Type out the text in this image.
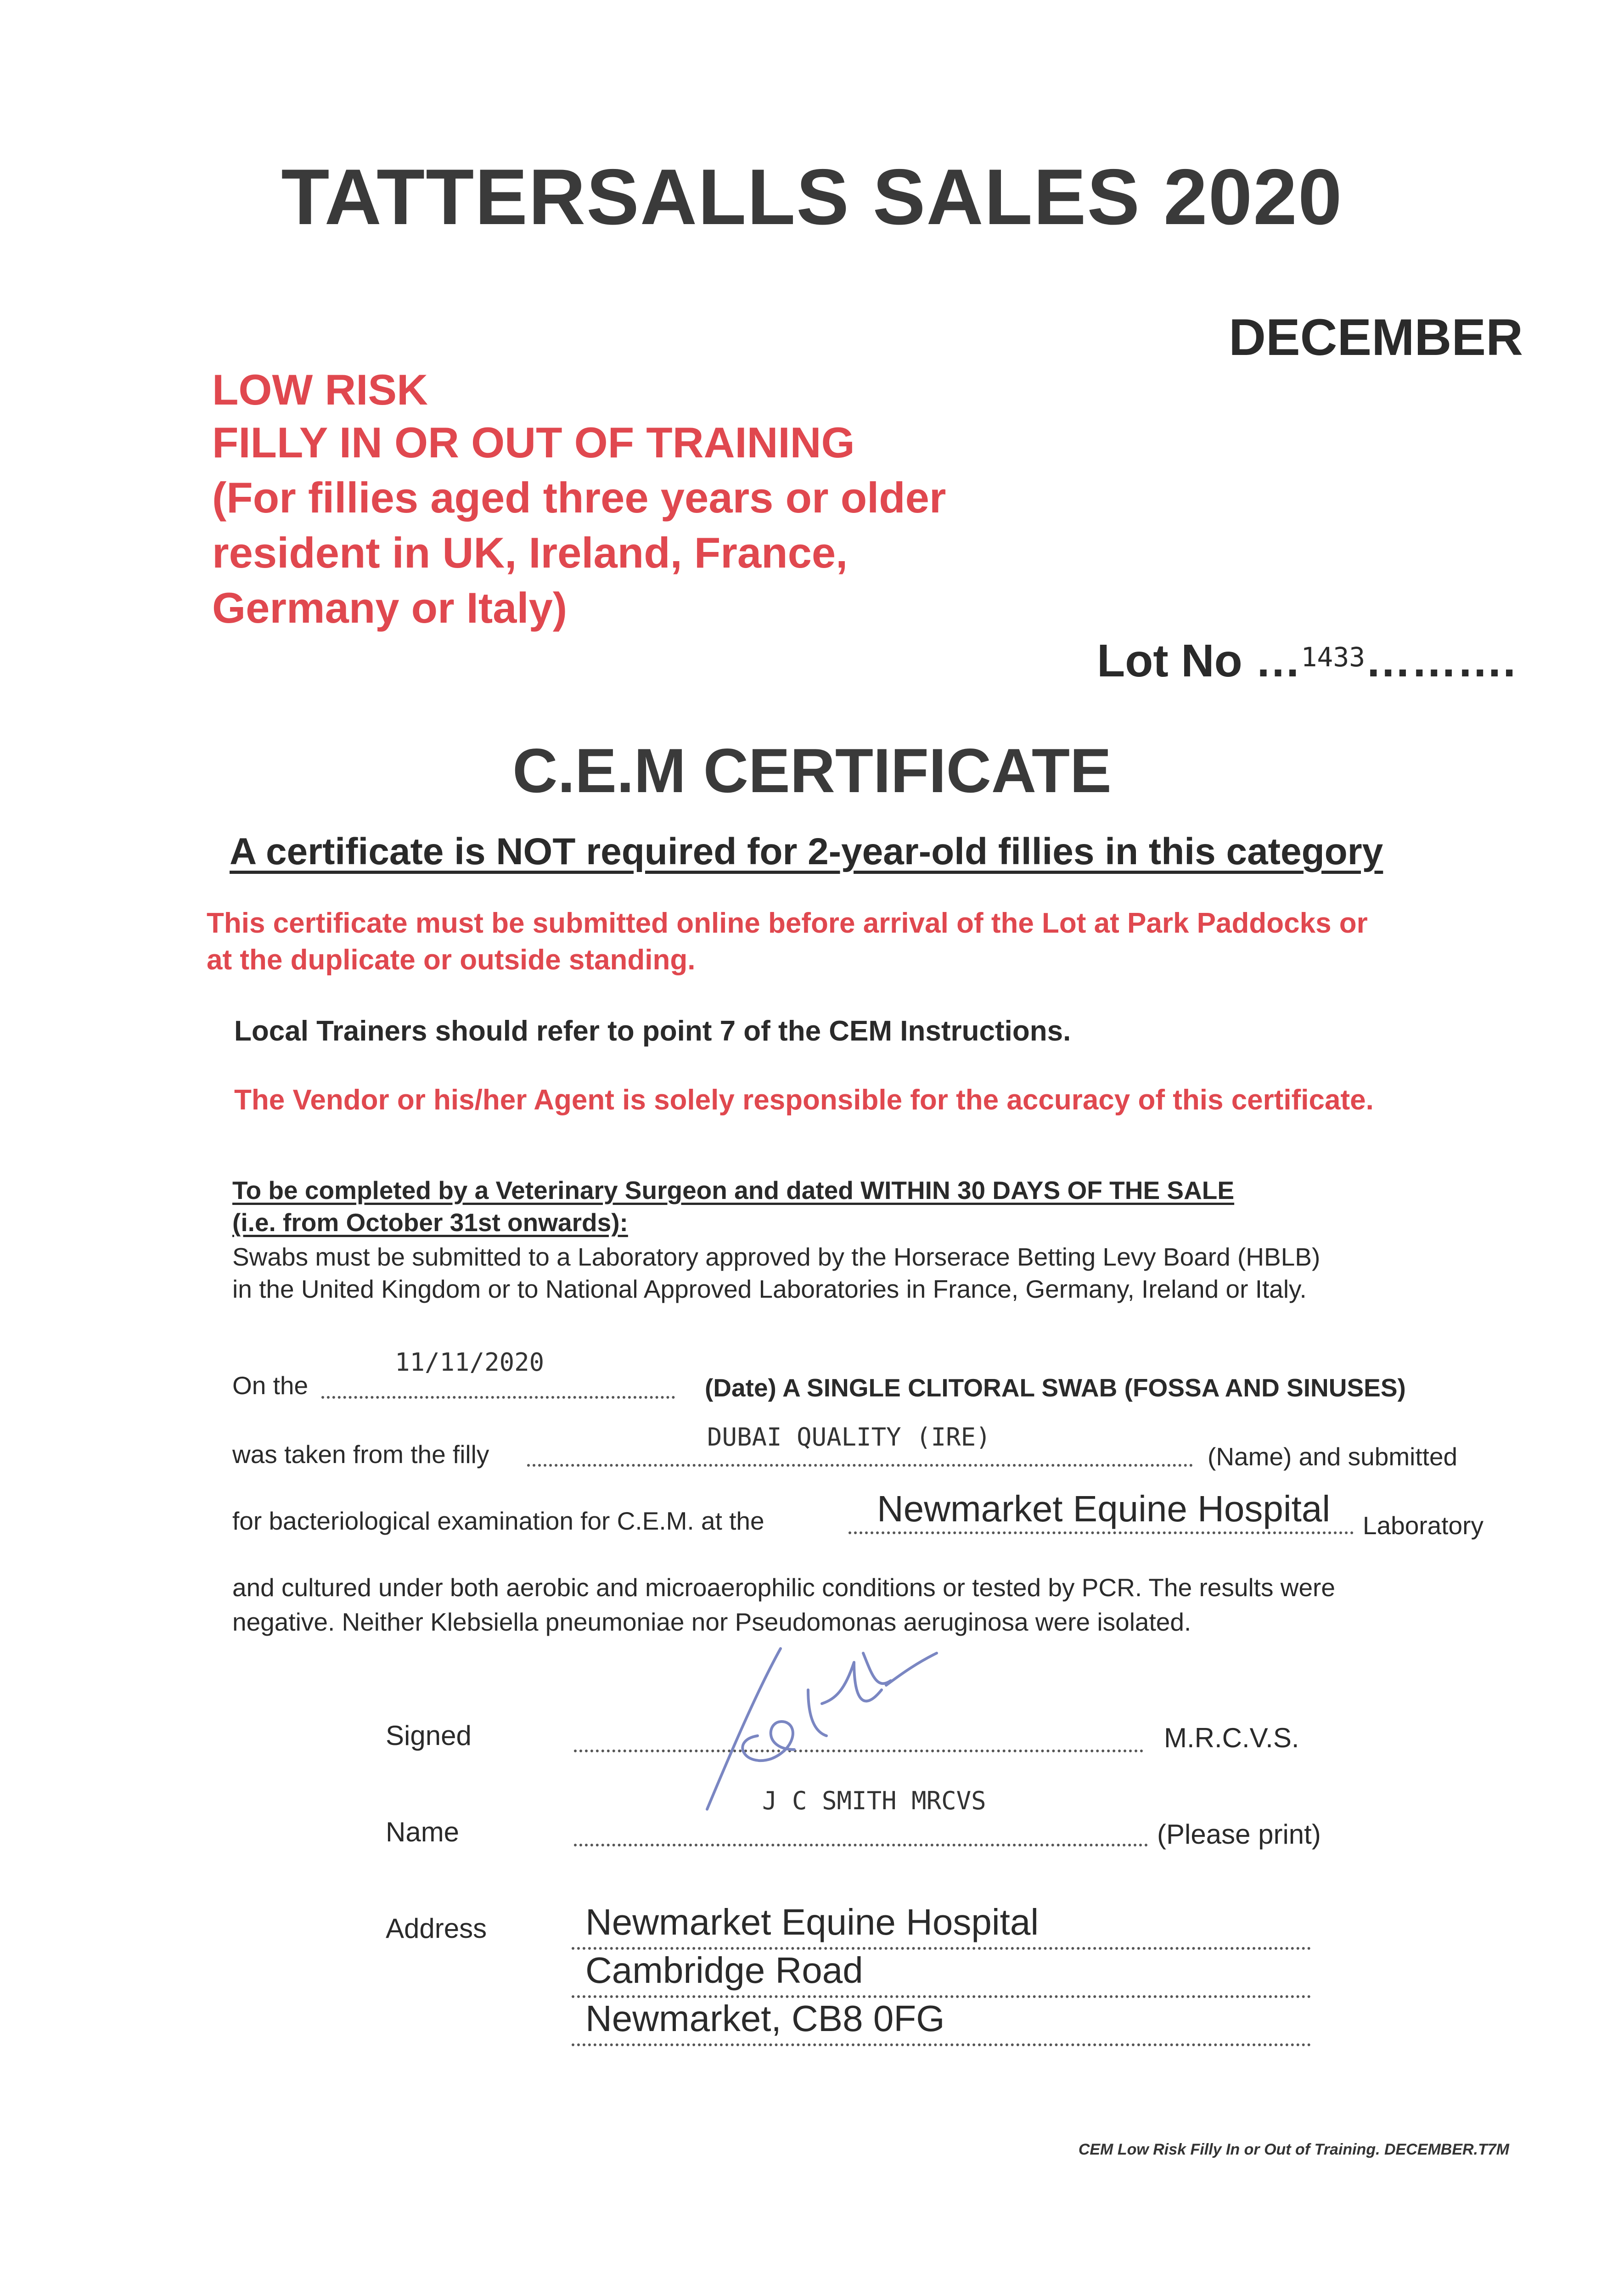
TATTERSALLS SALES 2020
DECEMBER
LOW RISK
FILLY IN OR OUT OF TRAINING
(For fillies aged three years or older
resident in UK, Ireland, France,
Germany or Italy)
Lot No …$^{1433}$……….
C.E.M CERTIFICATE
A certificate is NOT required for 2-year-old fillies in this category
This certificate must be submitted online before arrival of the Lot at Park Paddocks or
at the duplicate or outside standing.
Local Trainers should refer to point 7 of the CEM Instructions.
The Vendor or his/her Agent is solely responsible for the accuracy of this certificate.
To be completed by a Veterinary Surgeon and dated WITHIN 30 DAYS OF THE SALE
(i.e. from October 31st onwards):
Swabs must be submitted to a Laboratory approved by the Horserace Betting Levy Board (HBLB)
in the United Kingdom or to National Approved Laboratories in France, Germany, Ireland or Italy.
On the
11/11/2020
(Date) A SINGLE CLITORAL SWAB (FOSSA AND SINUSES)
was taken from the filly
DUBAI QUALITY (IRE)
(Name) and submitted
for bacteriological examination for C.E.M. at the	Newmarket Equine Hospital Laboratory
and cultured under both aerobic and microaerophilic conditions or tested by PCR. The results were
negative. Neither Klebsiella pneumoniae nor Pseudomonas aeruginosa were isolated.
Signed	M.R.C.V.S.
Name
J C SMITH MRCVS
(Please print)
Address	Newmarket Equine Hospital
Cambridge Road
Newmarket, CB8 0FG
CEM Low Risk Filly In or Out of Training. DECEMBER.T7M
